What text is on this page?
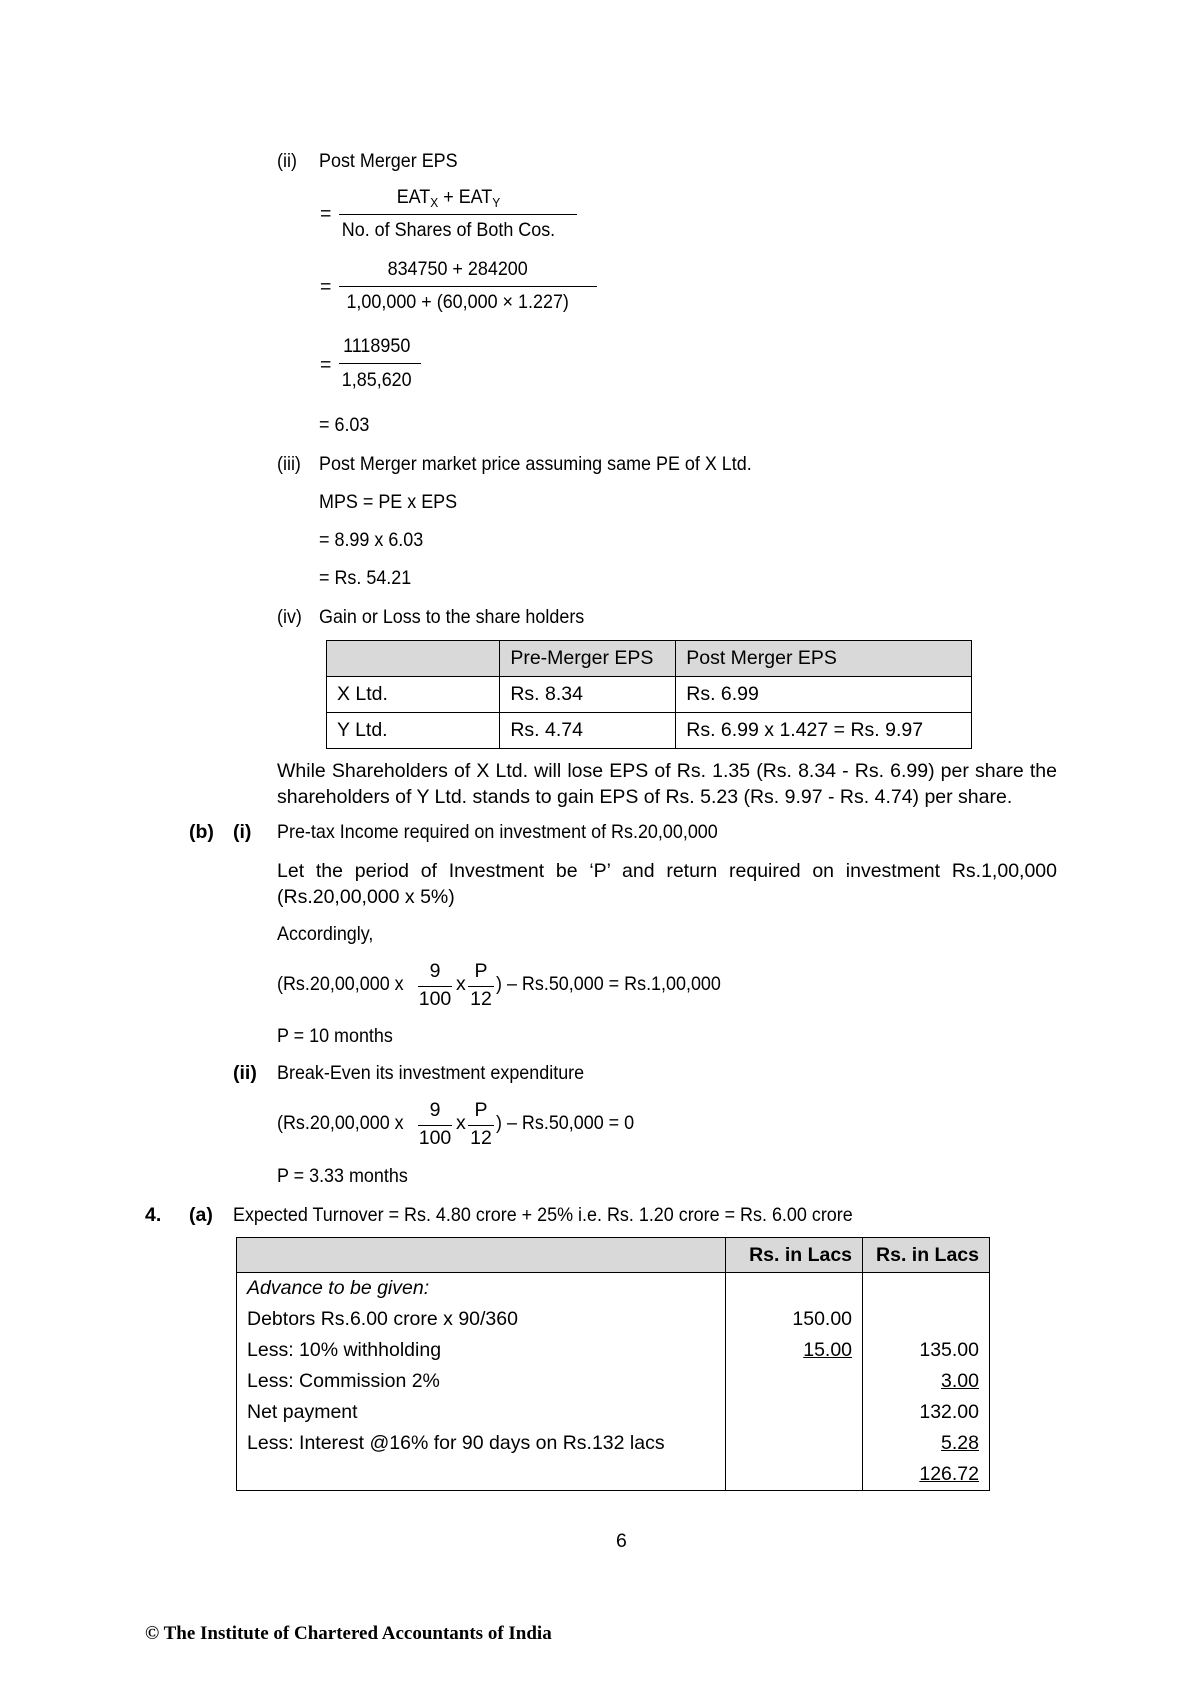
(ii) Post Merger EPS
=
$EAT_X + EAT_Y$
No. of Shares of Both Cos.
=
834750 + 284200
1,00,000 + (60,000 × 1.227)
=
1118950
1,85,620
= 6.03
(iii) Post Merger market price assuming same PE of X Ltd.
MPS = PE x EPS
= 8.99 x 6.03
= Rs. 54.21
(iv) Gain or Loss to the share holders
	Pre-Merger EPS	Post Merger EPS
X Ltd.	Rs. 8.34	Rs. 6.99
Y Ltd.	Rs. 4.74	Rs. 6.99 x 1.427 = Rs. 9.97
While Shareholders of X Ltd. will lose EPS of Rs. 1.35 (Rs. 8.34 - Rs. 6.99) per share the shareholders of Y Ltd. stands to gain EPS of Rs. 5.23 (Rs. 9.97 - Rs. 4.74) per share.
(b) (i) Pre-tax Income required on investment of Rs.20,00,000
Let the period of Investment be ‘P’ and return required on investment Rs.1,00,000 (Rs.20,00,000 x 5%)
Accordingly,
(Rs.20,00,000 x
9
100
x
P
12
) – Rs.50,000 = Rs.1,00,000
P = 10 months
(ii) Break-Even its investment expenditure
(Rs.20,00,000 x
9
100
x
P
12
) – Rs.50,000 = 0
P = 3.33 months
4. (a) Expected Turnover = Rs. 4.80 crore + 25% i.e. Rs. 1.20 crore = Rs. 6.00 crore
	Rs. in Lacs	Rs. in Lacs
Advance to be given:		
Debtors Rs.6.00 crore x 90/360	150.00	
Less: 10% withholding	15.00	135.00
Less: Commission 2%		3.00
Net payment		132.00
Less: Interest @16% for 90 days on Rs.132 lacs		5.28
		126.72
6
© The Institute of Chartered Accountants of India
